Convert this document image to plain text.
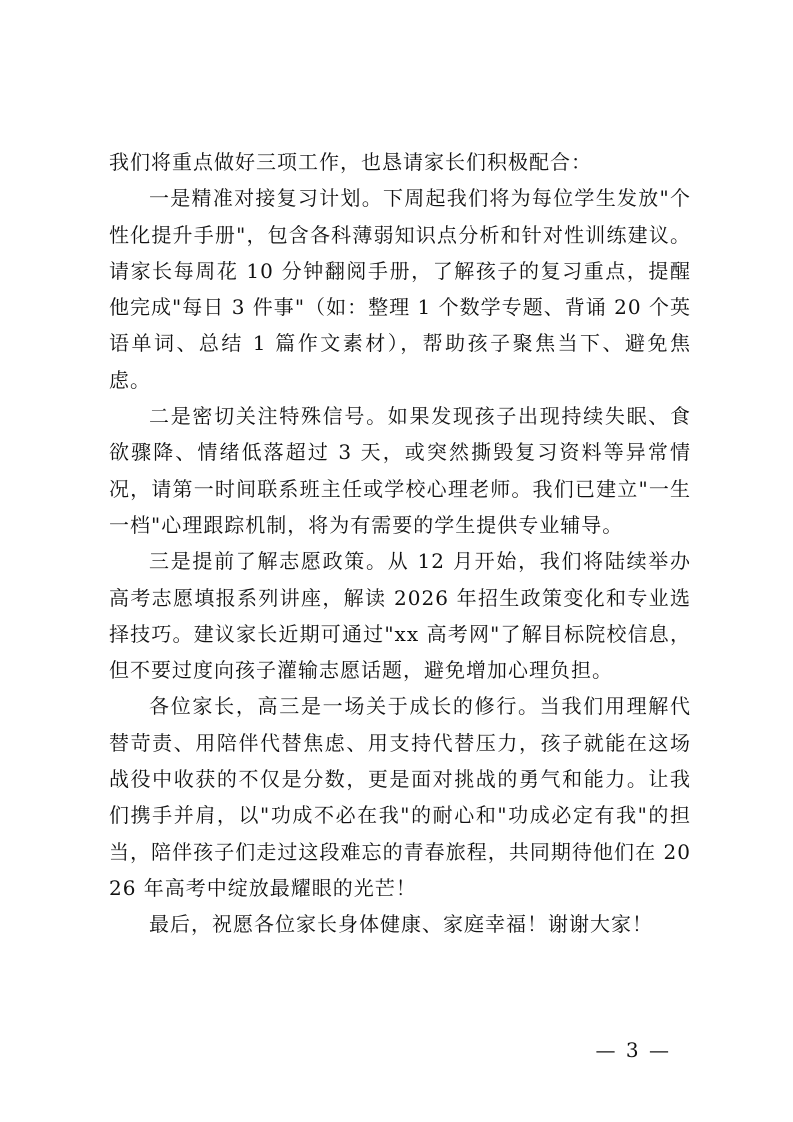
我们将重点做好三项工作，也恳请家长们积极配合：

一是精准对接复习计划。下周起我们将为每位学生发放"个性化提升手册"，包含各科薄弱知识点分析和针对性训练建议。请家长每周花 10 分钟翻阅手册，了解孩子的复习重点，提醒他完成"每日 3 件事"（如：整理 1 个数学专题、背诵 20 个英语单词、总结 1 篇作文素材），帮助孩子聚焦当下、避免焦虑。

二是密切关注特殊信号。如果发现孩子出现持续失眠、食欲骤降、情绪低落超过 3 天，或突然撕毁复习资料等异常情况，请第一时间联系班主任或学校心理老师。我们已建立"一生一档"心理跟踪机制，将为有需要的学生提供专业辅导。

三是提前了解志愿政策。从 12 月开始，我们将陆续举办高考志愿填报系列讲座，解读 2026 年招生政策变化和专业选择技巧。建议家长近期可通过"xx 高考网"了解目标院校信息，但不要过度向孩子灌输志愿话题，避免增加心理负担。

各位家长，高三是一场关于成长的修行。当我们用理解代替苛责、用陪伴代替焦虑、用支持代替压力，孩子就能在这场战役中收获的不仅是分数，更是面对挑战的勇气和能力。让我们携手并肩，以"功成不必在我"的耐心和"功成必定有我"的担当，陪伴孩子们走过这段难忘的青春旅程，共同期待他们在 2026 年高考中绽放最耀眼的光芒！

最后，祝愿各位家长身体健康、家庭幸福！谢谢大家！

— 3 —
